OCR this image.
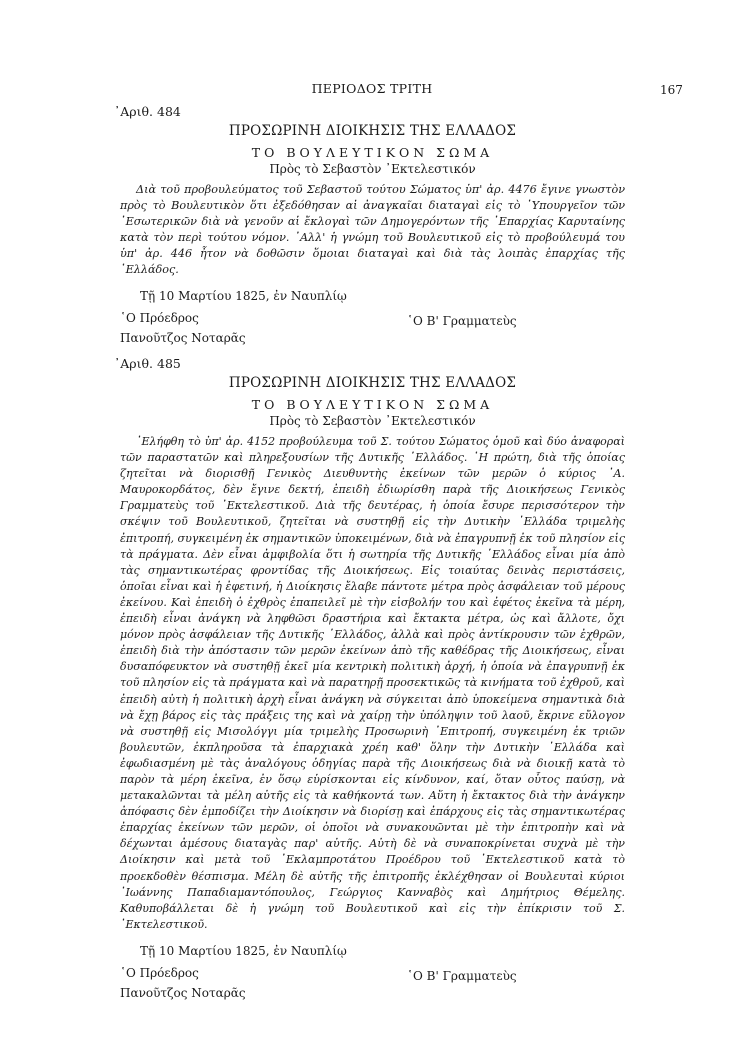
ΠΕΡΙΟΔΟΣ ΤΡΙΤΗ	167
᾿Αριθ. 484
ΠΡΟΣΩΡΙΝΗ ΔΙΟΙΚΗΣΙΣ ΤΗΣ ΕΛΛΑΔΟΣ
ΤΟ ΒΟΥΛΕΥΤΙΚΟΝ ΣΩΜΑ
Πρὸς τὸ Σεβαστὸν ᾿Εκτελεστικόν

Διὰ τοῦ προβουλεύματος τοῦ Σεβαστοῦ τούτου Σώματος ὑπ' ἀρ. 4476 ἔγινε γνωστὸν πρὸς τὸ Βουλευτικὸν ὅτι ἐξεδόθησαν αἱ ἀναγκαῖαι διαταγαὶ εἰς τὸ ῾Υπουργεῖον τῶν ᾿Εσωτερικῶν διὰ νὰ γενοῦν αἱ ἔκλογαὶ τῶν Δημογερόντων τῆς ᾿Επαρχίας Καρυταίνης κατὰ τὸν περὶ τούτου νόμον. ᾿Αλλ' ἡ γνώμη τοῦ Βουλευτικοῦ εἰς τὸ προβούλευμά του ὑπ' ἀρ. 446 ἦτον νὰ δοθῶσιν ὅμοιαι διαταγαὶ καὶ διὰ τὰς λοιπὰς ἐπαρχίας τῆς ῾Ελλάδος.

Τῇ 10 Μαρτίου 1825, ἐν Ναυπλίῳ
῾Ο Πρόεδρος	῾Ο Β' Γραμματεὺς
Πανοῦτζος Νοταρᾶς
᾿Αριθ. 485
ΠΡΟΣΩΡΙΝΗ ΔΙΟΙΚΗΣΙΣ ΤΗΣ ΕΛΛΑΔΟΣ
ΤΟ ΒΟΥΛΕΥΤΙΚΟΝ ΣΩΜΑ
Πρὸς τὸ Σεβαστὸν ᾿Εκτελεστικόν

᾿Ελήφθη τὸ ὑπ' ἀρ. 4152 προβούλευμα τοῦ Σ. τούτου Σώματος ὁμοῦ καὶ δύο ἀναφοραὶ τῶν παραστατῶν καὶ πληρεξουσίων τῆς Δυτικῆς ῾Ελλάδος. ῾Η πρώτη, διὰ τῆς ὁποίας ζητεῖται νὰ διορισθῇ Γενικὸς Διευθυντὴς ἐκείνων τῶν μερῶν ὁ κύριος ᾿Α. Μαυροκορδάτος, δὲν ἔγινε δεκτή, ἐπειδὴ ἐδιωρίσθη παρὰ τῆς Διοικήσεως Γενικὸς Γραμματεὺς τοῦ ᾿Εκτελεστικοῦ. Διὰ τῆς δευτέρας, ἡ ὁποία ἔσυρε περισσότερον τὴν σκέψιν τοῦ Βουλευτικοῦ, ζητεῖται νὰ συστηθῇ εἰς τὴν Δυτικὴν ῾Ελλάδα τριμελὴς ἐπιτροπή, συγκειμένη ἐκ σημαντικῶν ὑποκειμένων, διὰ νὰ ἐπαγρυπνῇ ἐκ τοῦ πλησίον εἰς τὰ πράγματα. Δὲν εἶναι ἀμφιβολία ὅτι ἡ σωτηρία τῆς Δυτικῆς ῾Ελλάδος εἶναι μία ἀπὸ τὰς σημαντικωτέρας φροντίδας τῆς Διοικήσεως. Εἰς τοιαύτας δεινὰς περιστάσεις, ὁποῖαι εἶναι καὶ ἡ ἐφετινή, ἡ Διοίκησις ἔλαβε πάντοτε μέτρα πρὸς ἀσφάλειαν τοῦ μέρους ἐκείνου. Καὶ ἐπειδὴ ὁ ἐχθρὸς ἐπαπειλεῖ μὲ τὴν εἰσβολήν του καὶ ἐφέτος ἐκεῖνα τὰ μέρη, ἐπειδὴ εἶναι ἀνάγκη νὰ ληφθῶσι δραστήρια καὶ ἔκτακτα μέτρα, ὡς καὶ ἄλλοτε, ὄχι μόνον πρὸς ἀσφάλειαν τῆς Δυτικῆς ῾Ελλάδος, ἀλλὰ καὶ πρὸς ἀντίκρουσιν τῶν ἐχθρῶν, ἐπειδὴ διὰ τὴν ἀπόστασιν τῶν μερῶν ἐκείνων ἀπὸ τῆς καθέδρας τῆς Διοικήσεως, εἶναι δυσαπόφευκτον νὰ συστηθῇ ἐκεῖ μία κεντρικὴ πολιτικὴ ἀρχή, ἡ ὁποία νὰ ἐπαγρυπνῇ ἐκ τοῦ πλησίον εἰς τὰ πράγματα καὶ νὰ παρατηρῇ προσεκτικῶς τὰ κινήματα τοῦ ἐχθροῦ, καὶ ἐπειδὴ αὐτὴ ἡ πολιτικὴ ἀρχὴ εἶναι ἀνάγκη νὰ σύγκειται ἀπὸ ὑποκείμενα σημαντικὰ διὰ νὰ ἔχῃ βάρος εἰς τὰς πράξεις της καὶ νὰ χαίρῃ τὴν ὑπόληψιν τοῦ λαοῦ, ἔκρινε εὔλογον νὰ συστηθῇ εἰς Μισολόγγι μία τριμελὴς Προσωρινὴ ᾿Επιτροπή, συγκειμένη ἐκ τριῶν βουλευτῶν, ἐκπληροῦσα τὰ ἐπαρχιακὰ χρέη καθ' ὅλην τὴν Δυτικὴν ῾Ελλάδα καὶ ἐφωδιασμένη μὲ τὰς ἀναλόγους ὁδηγίας παρὰ τῆς Διοικήσεως διὰ νὰ διοικῇ κατὰ τὸ παρὸν τὰ μέρη ἐκεῖνα, ἐν ὅσῳ εὑρίσκονται εἰς κίνδυνον, καί, ὅταν οὗτος παύσῃ, νὰ μετακαλῶνται τὰ μέλη αὐτῆς εἰς τὰ καθήκοντά των. Αὕτη ἡ ἔκτακτος διὰ τὴν ἀνάγκην ἀπόφασις δὲν ἐμποδίζει τὴν Διοίκησιν νὰ διορίσῃ καὶ ἐπάρχους εἰς τὰς σημαντικωτέρας ἐπαρχίας ἐκείνων τῶν μερῶν, οἱ ὁποῖοι νὰ συνακουῶνται μὲ τὴν ἐπιτροπὴν καὶ νὰ δέχωνται ἀμέσους διαταγὰς παρ' αὐτῆς. Αὐτὴ δὲ νὰ συναποκρίνεται συχνὰ μὲ τὴν Διοίκησιν καὶ μετὰ τοῦ ᾿Εκλαμπροτάτου Προέδρου τοῦ ᾿Εκτελεστικοῦ κατὰ τὸ προεκδοθὲν θέσπισμα. Μέλη δὲ αὐτῆς τῆς ἐπιτροπῆς ἐκλέχθησαν οἱ Βουλευταὶ κύριοι ᾿Ιωάννης Παπαδιαμαντόπουλος, Γεώργιος Κανναβὸς καὶ Δημήτριος Θέμελης. Καθυποβάλλεται δὲ ἡ γνώμη τοῦ Βουλευτικοῦ καὶ εἰς τὴν ἐπίκρισιν τοῦ Σ. ᾿Εκτελεστικοῦ.

Τῇ 10 Μαρτίου 1825, ἐν Ναυπλίῳ
῾Ο Πρόεδρος	῾Ο Β' Γραμματεὺς
Πανοῦτζος Νοταρᾶς
